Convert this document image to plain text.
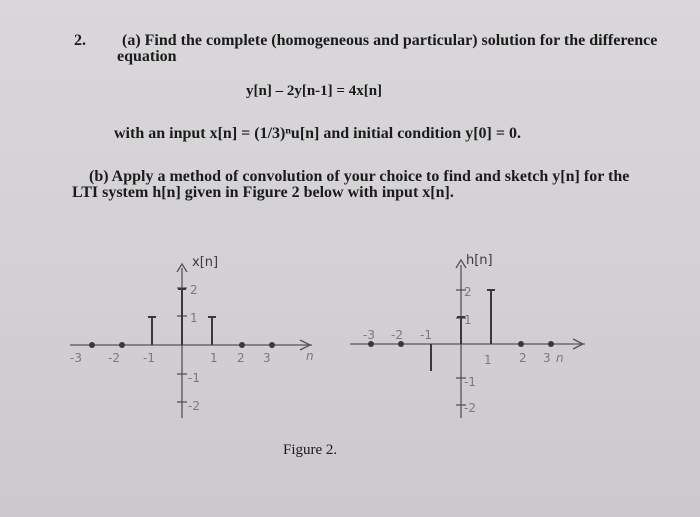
2. (a) Find the complete (homogeneous and particular) solution for the difference
equation
y[n] – 2y[n-1] = 4x[n]
with an input x[n] = (1/3)ⁿu[n] and initial condition y[0] = 0.
(b) Apply a method of convolution of your choice to find and sketch y[n] for the
LTI system h[n] given in Figure 2 below with input x[n].
x[n]
2
1
-1
-2
-3 -2 -1	1 2 3	n
h[n]
2
1
-1
-2
-3 -2 -1
1 2 3 n
Figure 2.
